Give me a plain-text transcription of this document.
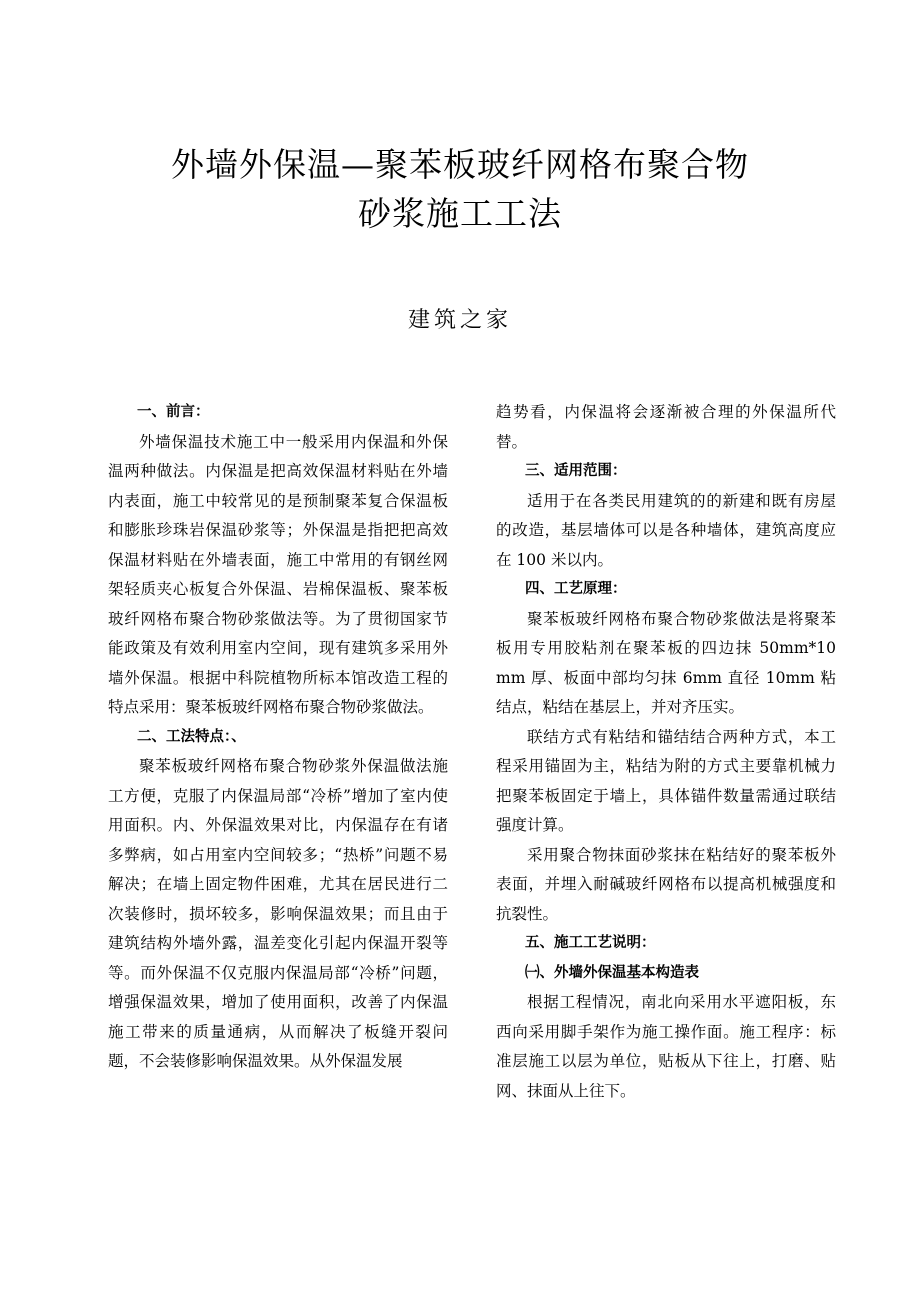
外墙外保温—聚苯板玻纤网格布聚合物
砂浆施工工法
建筑之家

一、前言：

外墙保温技术施工中一般采用内保温和外保温两种做法。内保温是把高效保温材料贴在外墙内表面，施工中较常见的是预制聚苯复合保温板和膨胀珍珠岩保温砂浆等；外保温是指把把高效保温材料贴在外墙表面，施工中常用的有钢丝网架轻质夹心板复合外保温、岩棉保温板、聚苯板玻纤网格布聚合物砂浆做法等。为了贯彻国家节能政策及有效利用室内空间，现有建筑多采用外墙外保温。根据中科院植物所标本馆改造工程的特点采用：聚苯板玻纤网格布聚合物砂浆做法。

二、工法特点：、

聚苯板玻纤网格布聚合物砂浆外保温做法施工方便，克服了内保温局部“冷桥”增加了室内使用面积。内、外保温效果对比，内保温存在有诸多弊病，如占用室内空间较多；“热桥”问题不易解决；在墙上固定物件困难，尤其在居民进行二次装修时，损坏较多，影响保温效果；而且由于建筑结构外墙外露，温差变化引起内保温开裂等等。而外保温不仅克服内保温局部“冷桥”问题，增强保温效果，增加了使用面积，改善了内保温施工带来的质量通病，从而解决了板缝开裂问题，不会装修影响保温效果。从外保温发展

趋势看，内保温将会逐渐被合理的外保温所代替。

三、适用范围：

适用于在各类民用建筑的的新建和既有房屋的改造，基层墙体可以是各种墙体，建筑高度应在 100 米以内。

四、工艺原理：

聚苯板玻纤网格布聚合物砂浆做法是将聚苯板用专用胶粘剂在聚苯板的四边抹 50mm*10 mm 厚、板面中部均匀抹 6mm 直径 10mm 粘结点，粘结在基层上，并对齐压实。

联结方式有粘结和锚结结合两种方式，本工程采用锚固为主，粘结为附的方式主要靠机械力把聚苯板固定于墙上，具体锚件数量需通过联结强度计算。

采用聚合物抹面砂浆抹在粘结好的聚苯板外表面，并埋入耐碱玻纤网格布以提高机械强度和抗裂性。

五、施工工艺说明：

㈠、外墙外保温基本构造表

根据工程情况，南北向采用水平遮阳板，东西向采用脚手架作为施工操作面。施工程序：标准层施工以层为单位，贴板从下往上，打磨、贴网、抹面从上往下。
